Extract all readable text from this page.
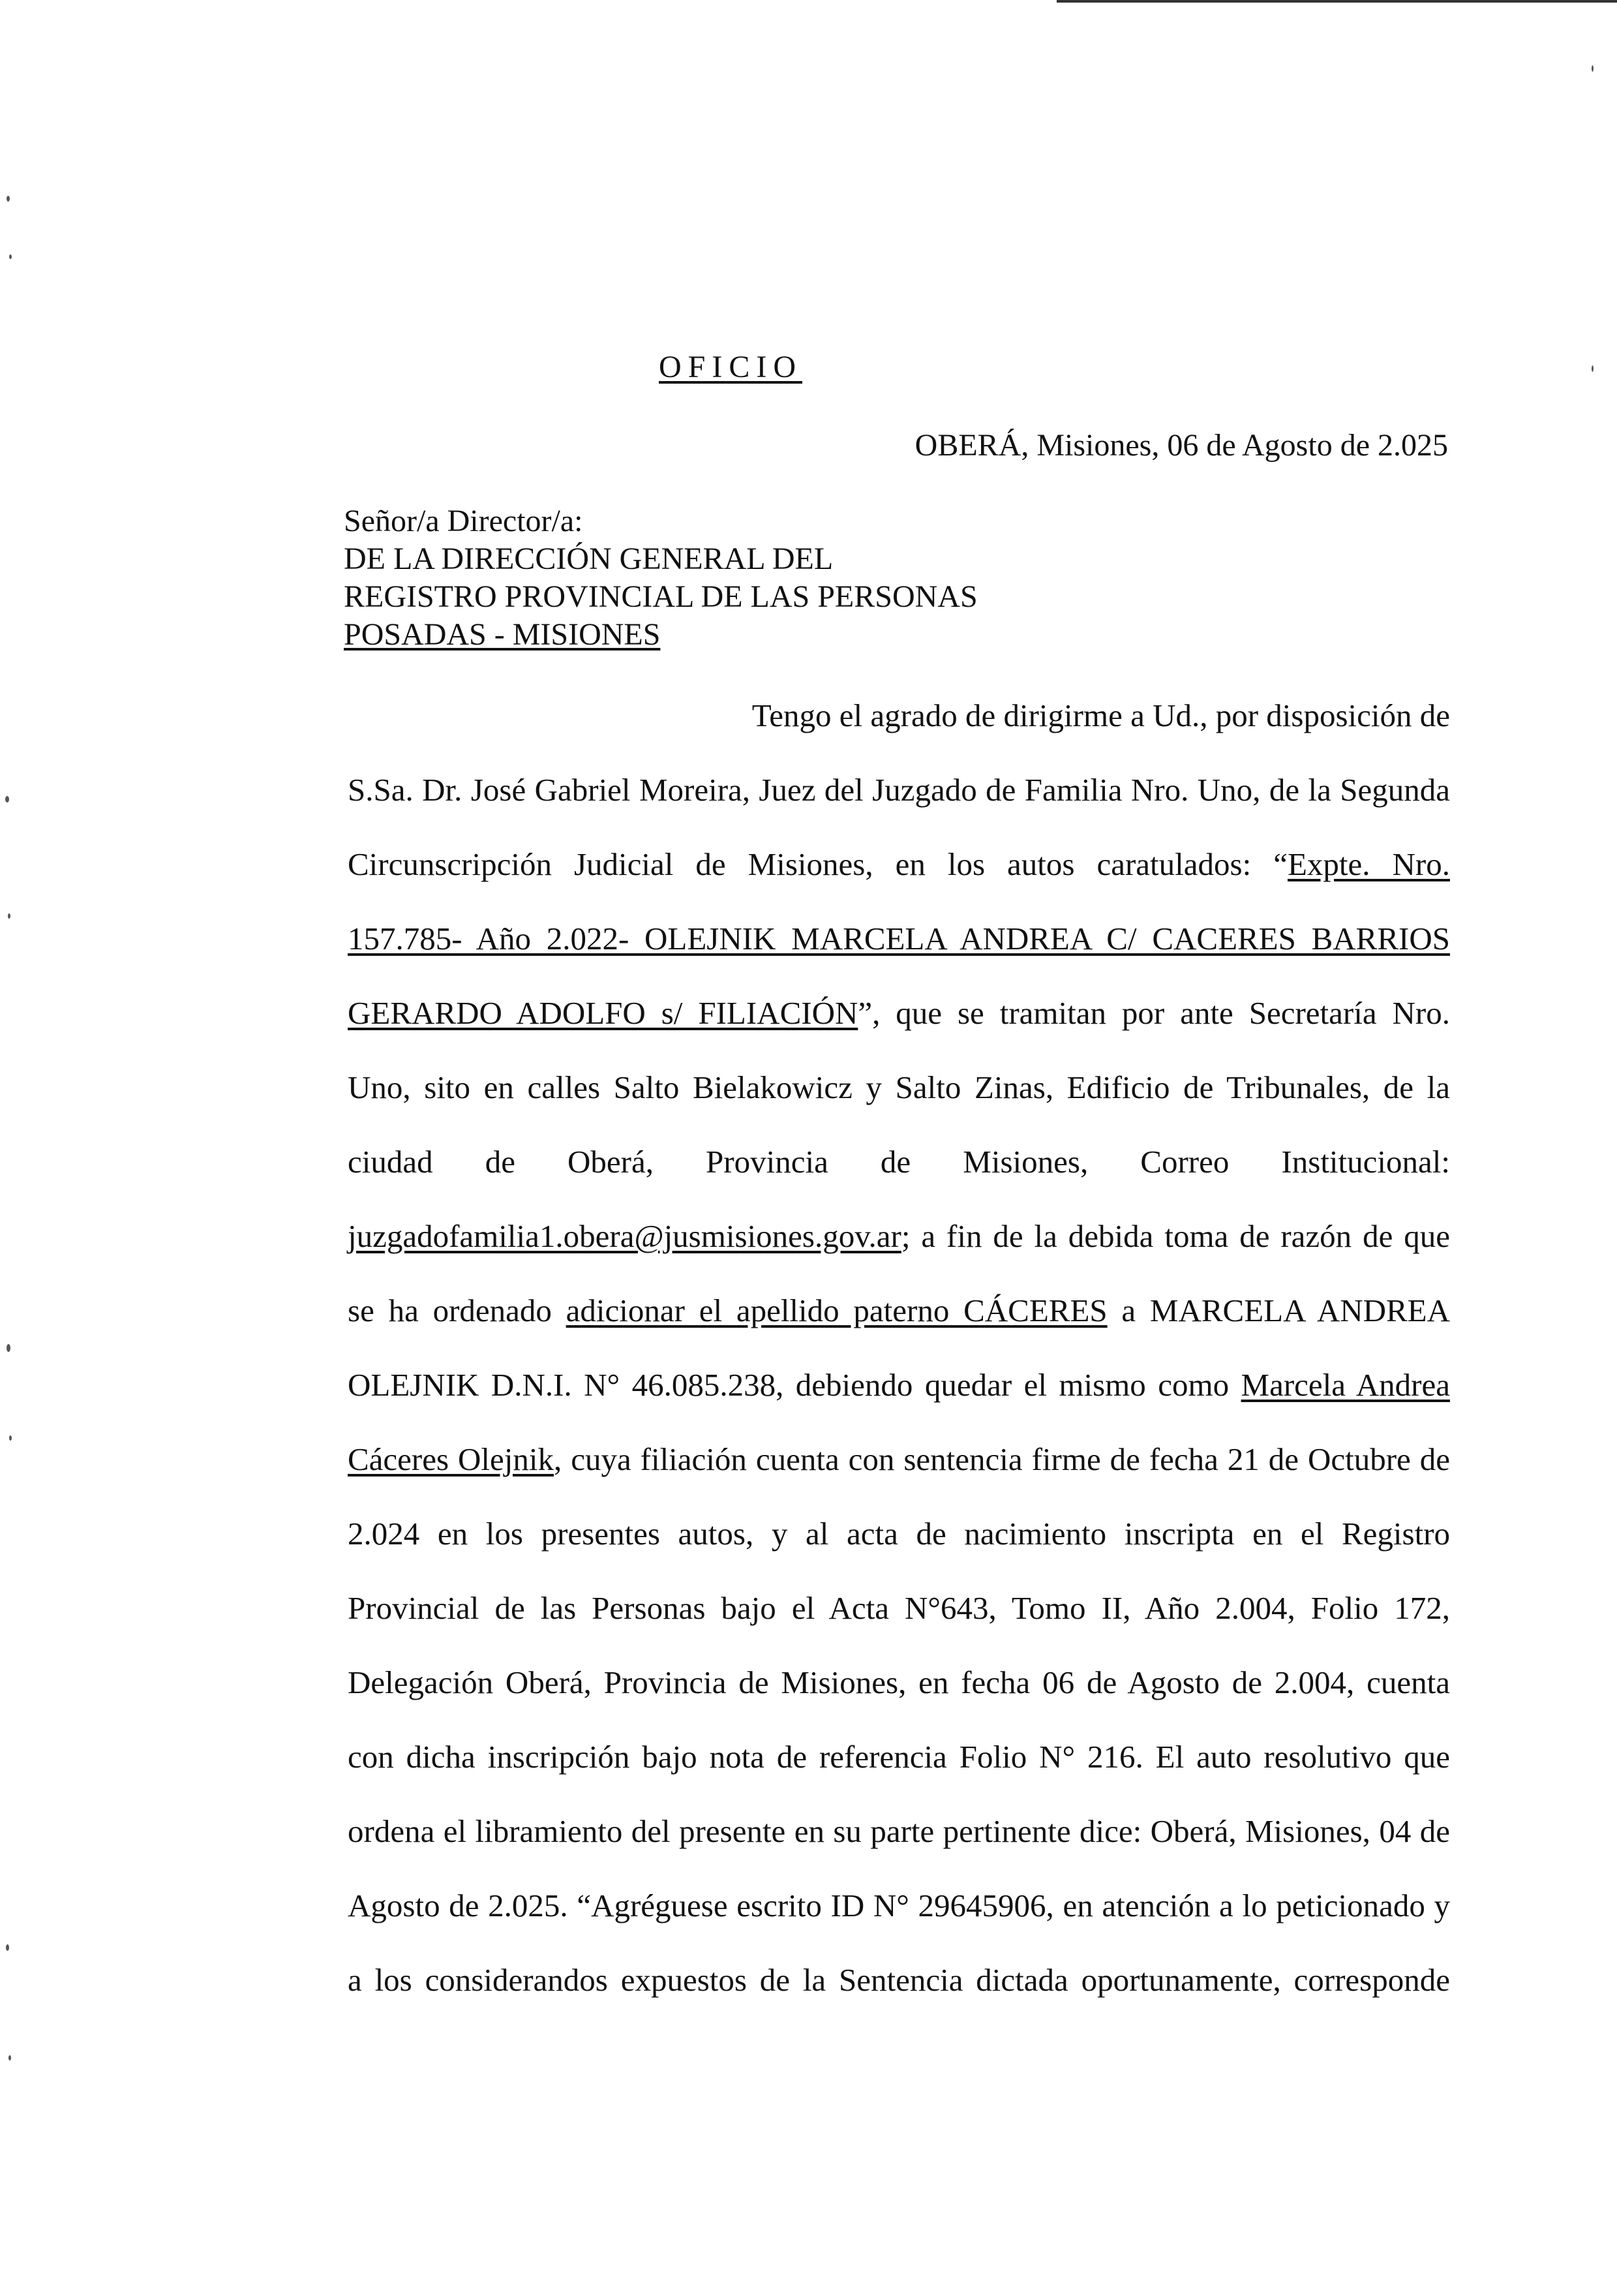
OFICIO
OBERÁ, Misiones, 06 de Agosto de 2.025
Señor/a Director/a:
DE LA DIRECCIÓN GENERAL DEL
REGISTRO PROVINCIAL DE LAS PERSONAS
POSADAS - MISIONES
Tengo el agrado de dirigirme a Ud., por disposición de
S.Sa. Dr. José Gabriel Moreira, Juez del Juzgado de Familia Nro. Uno, de la Segunda
Circunscripción Judicial de Misiones, en los autos caratulados: “Expte. Nro.
157.785- Año 2.022- OLEJNIK MARCELA ANDREA C/ CACERES BARRIOS
GERARDO ADOLFO s/ FILIACIÓN”, que se tramitan por ante Secretaría Nro.
Uno, sito en calles Salto Bielakowicz y Salto Zinas, Edificio de Tribunales, de la
ciudad de Oberá, Provincia de Misiones, Correo Institucional:
juzgadofamilia1.obera@jusmisiones.gov.ar; a fin de la debida toma de razón de que
se ha ordenado adicionar el apellido paterno CÁCERES a MARCELA ANDREA
OLEJNIK D.N.I. N° 46.085.238, debiendo quedar el mismo como Marcela Andrea
Cáceres Olejnik, cuya filiación cuenta con sentencia firme de fecha 21 de Octubre de
2.024 en los presentes autos, y al acta de nacimiento inscripta en el Registro
Provincial de las Personas bajo el Acta N°643, Tomo II, Año 2.004, Folio 172,
Delegación Oberá, Provincia de Misiones, en fecha 06 de Agosto de 2.004, cuenta
con dicha inscripción bajo nota de referencia Folio N° 216. El auto resolutivo que
ordena el libramiento del presente en su parte pertinente dice: Oberá, Misiones, 04 de
Agosto de 2.025. “Agréguese escrito ID N° 29645906, en atención a lo peticionado y
a los considerandos expuestos de la Sentencia dictada oportunamente, corresponde
